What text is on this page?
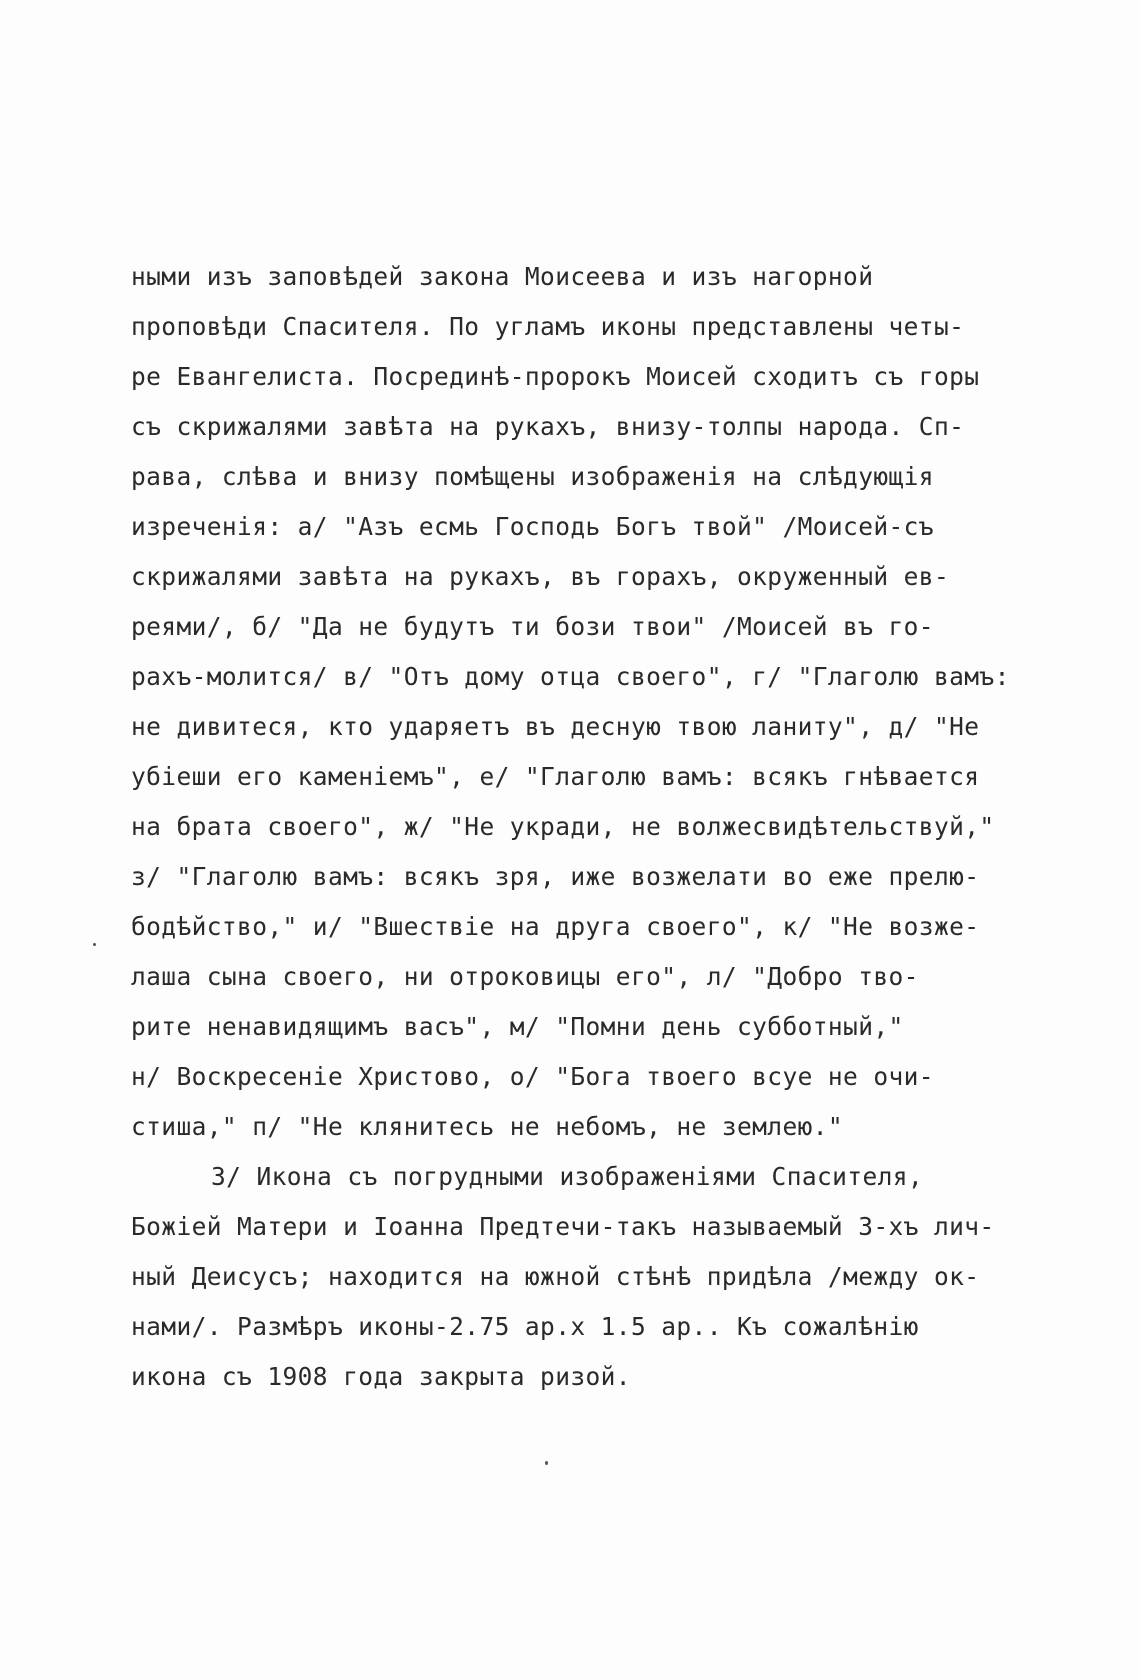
ными изъ заповѣдей закона Моисеева и изъ нагорной
проповѣди Спасителя. По угламъ иконы представлены четы-
ре Евангелиста. Посрединѣ-пророкъ Моисей сходитъ съ горы
съ скрижалями завѣта на рукахъ, внизу-толпы народа. Сп-
рава, слѣва и внизу помѣщены изображенія на слѣдующія
изреченія: а/ "Азъ есмь Господь Богъ твой" /Моисей-съ
скрижалями завѣта на рукахъ, въ горахъ, окруженный ев-
реями/, б/ "Да не будутъ ти бози твои" /Моисей въ го-
рахъ-молится/ в/ "Отъ дому отца своего", г/ "Глаголю вамъ:
не дивитеся, кто ударяетъ въ десную твою ланиту", д/ "Не
убіеши его каменіемъ", е/ "Глаголю вамъ: всякъ гнѣвается
на брата своего", ж/ "Не укради, не волжесвидѣтельствуй,"
з/ "Глаголю вамъ: всякъ зря, иже возжелати во еже прелю-
бодѣйство," и/ "Вшествіе на друга своего", к/ "Не возже-
лаша сына своего, ни отроковицы его", л/ "Добро тво-
рите ненавидящимъ васъ", м/ "Помни день субботный,"
н/ Воскресеніе Христово, о/ "Бога твоего всуе не очи-
стиша," п/ "Не клянитесь не небомъ, не землею."
3/ Икона съ погрудными изображеніями Спасителя,
Божіей Матери и Іоанна Предтечи-такъ называемый 3-хъ лич-
ный Деисусъ; находится на южной стѣнѣ придѣла /между ок-
нами/. Размѣръ иконы-2.75 ар.х 1.5 ар.. Къ сожалѣнію
икона съ 1908 года закрыта ризой.
